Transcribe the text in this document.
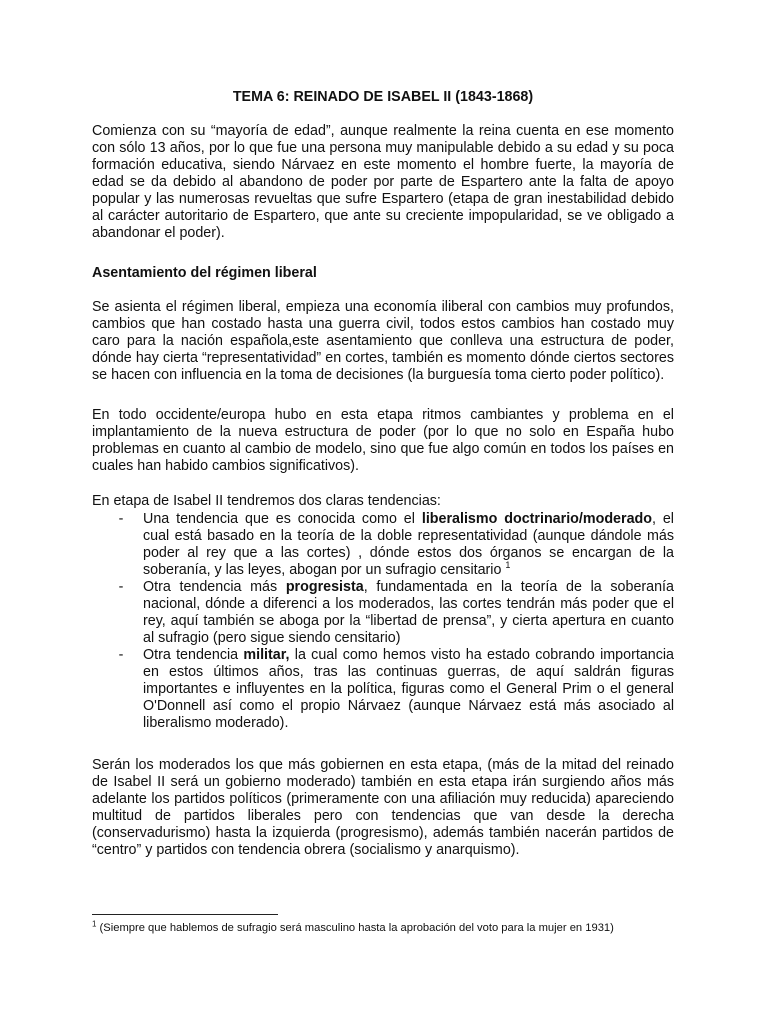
TEMA 6: REINADO DE ISABEL II (1843-1868)

Comienza con su “mayoría de edad”, aunque realmente la reina cuenta en ese momento con sólo 13 años, por lo que fue una persona muy manipulable debido a su edad y su poca formación educativa, siendo Nárvaez en este momento el hombre fuerte, la mayoría de edad se da debido al abandono de poder por parte de Espartero ante la falta de apoyo popular y las numerosas revueltas que sufre Espartero (etapa de gran inestabilidad debido al carácter autoritario de Espartero, que ante su creciente impopularidad, se ve obligado a abandonar el poder).

Asentamiento del régimen liberal

Se asienta el régimen liberal, empieza una economía iliberal con cambios muy profundos, cambios que han costado hasta una guerra civil, todos estos cambios han costado muy caro para la nación española,este asentamiento que conlleva una estructura de poder, dónde hay cierta “representatividad” en cortes, también es momento dónde ciertos sectores se hacen con influencia en la toma de decisiones (la burguesía toma cierto poder político).

En todo occidente/europa hubo en esta etapa ritmos cambiantes y problema en el implantamiento de la nueva estructura de poder (por lo que no solo en España hubo problemas en cuanto al cambio de modelo, sino que fue algo común en todos los países en cuales han habido cambios significativos).

En etapa de Isabel II tendremos dos claras tendencias:

-	Una tendencia que es conocida como el liberalismo doctrinario/moderado, el cual está basado en la teoría de la doble representatividad (aunque dándole más poder al rey que a las cortes) , dónde estos dos órganos se encargan de la soberanía, y las leyes, abogan por un sufragio censitario $^1$
-	Otra tendencia más progresista, fundamentada en la teoría de la soberanía nacional, dónde a diferenci a los moderados, las cortes tendrán más poder que el rey, aquí también se aboga por la “libertad de prensa”, y cierta apertura en cuanto al sufragio (pero sigue siendo censitario)
-	Otra tendencia militar, la cual como hemos visto ha estado cobrando importancia en estos últimos años, tras las continuas guerras, de aquí saldrán figuras importantes e influyentes en la política, figuras como el General Prim o el general O'Donnell así como el propio Nárvaez (aunque Nárvaez está más asociado al liberalismo moderado).

Serán los moderados los que más gobiernen en esta etapa, (más de la mitad del reinado de Isabel II será un gobierno moderado) también en esta etapa irán surgiendo años más adelante los partidos políticos (primeramente con una afiliación muy reducida) apareciendo multitud de partidos liberales pero con tendencias que van desde la derecha (conservadurismo) hasta la izquierda (progresismo), además también nacerán partidos de “centro” y partidos con tendencia obrera (socialismo y anarquismo).

$^1$ (Siempre que hablemos de sufragio será masculino hasta la aprobación del voto para la mujer en 1931)
